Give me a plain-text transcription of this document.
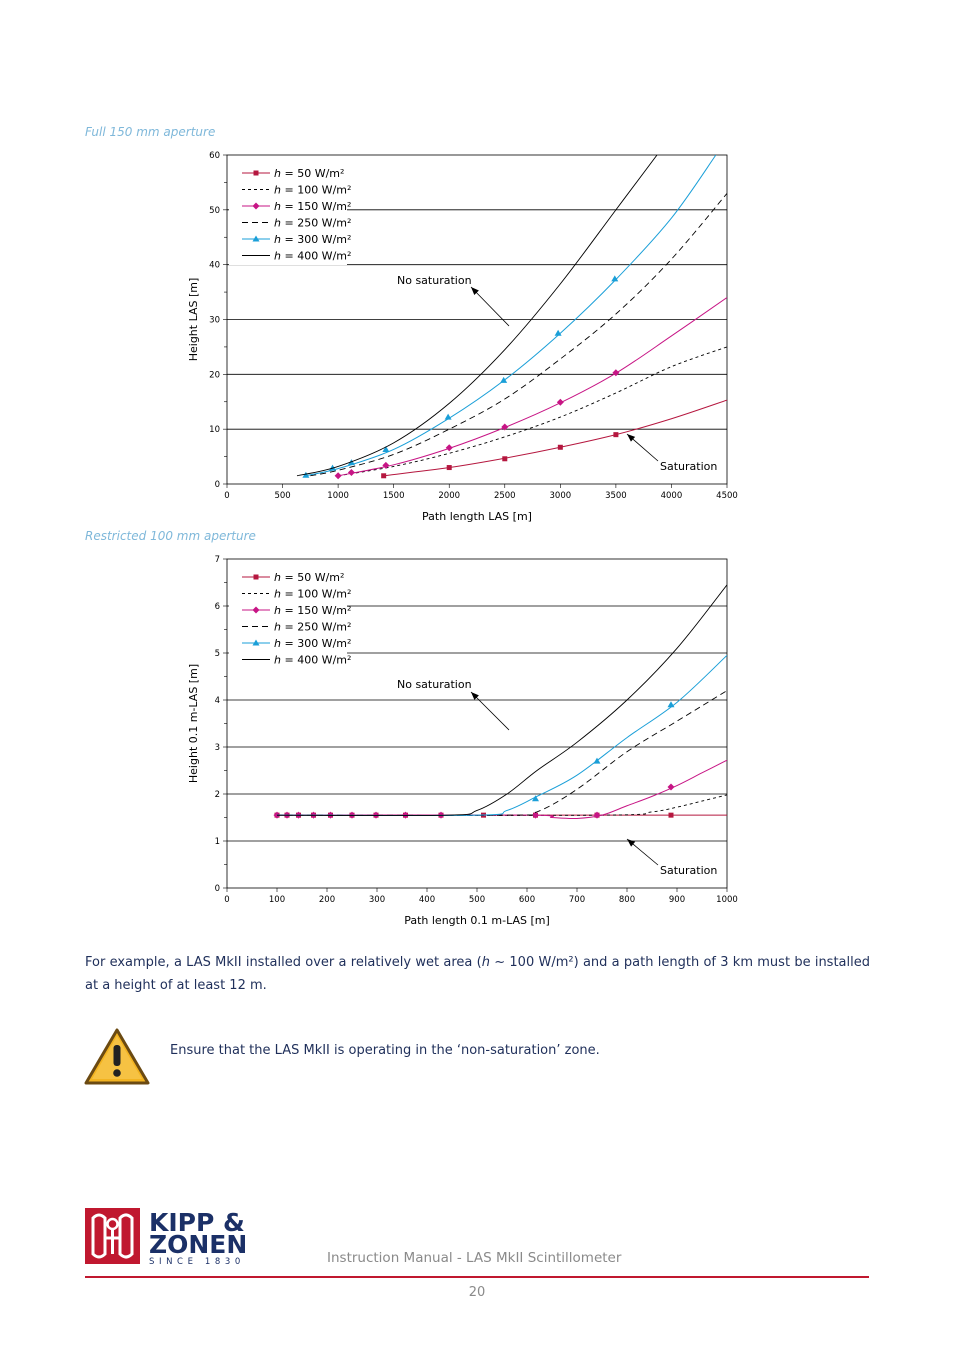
Full 150 mm aperture
0	500	1000	1500	2000	2500	3000	3500	4000	4500
0
10
20
30
40
50
60
Path length LAS [m]
Height LAS [m]
h = 50 W/m²
h = 100 W/m²
h = 150 W/m²
h = 250 W/m²
h = 300 W/m²
h = 400 W/m²
No saturation
Saturation
Restricted 100 mm aperture
0	100	200	300	400	500	600	700	800	900	1000
0
1
2
3
4
5
6
7
Path length 0.1 m-LAS [m]
Height 0.1 m-LAS [m]
h = 50 W/m²
h = 100 W/m²
h = 150 W/m²
h = 250 W/m²
h = 300 W/m²
h = 400 W/m²
No saturation
Saturation
For example, a LAS MkII installed over a relatively wet area (h ~ 100 W/m²) and a path length of 3 km must be installed at a height of at least 12 m.
Ensure that the LAS MkII is operating in the ‘non-saturation’ zone.
KIPP &
ZONEN
SINCE 1830	Instruction Manual - LAS MkII Scintillometer
20
